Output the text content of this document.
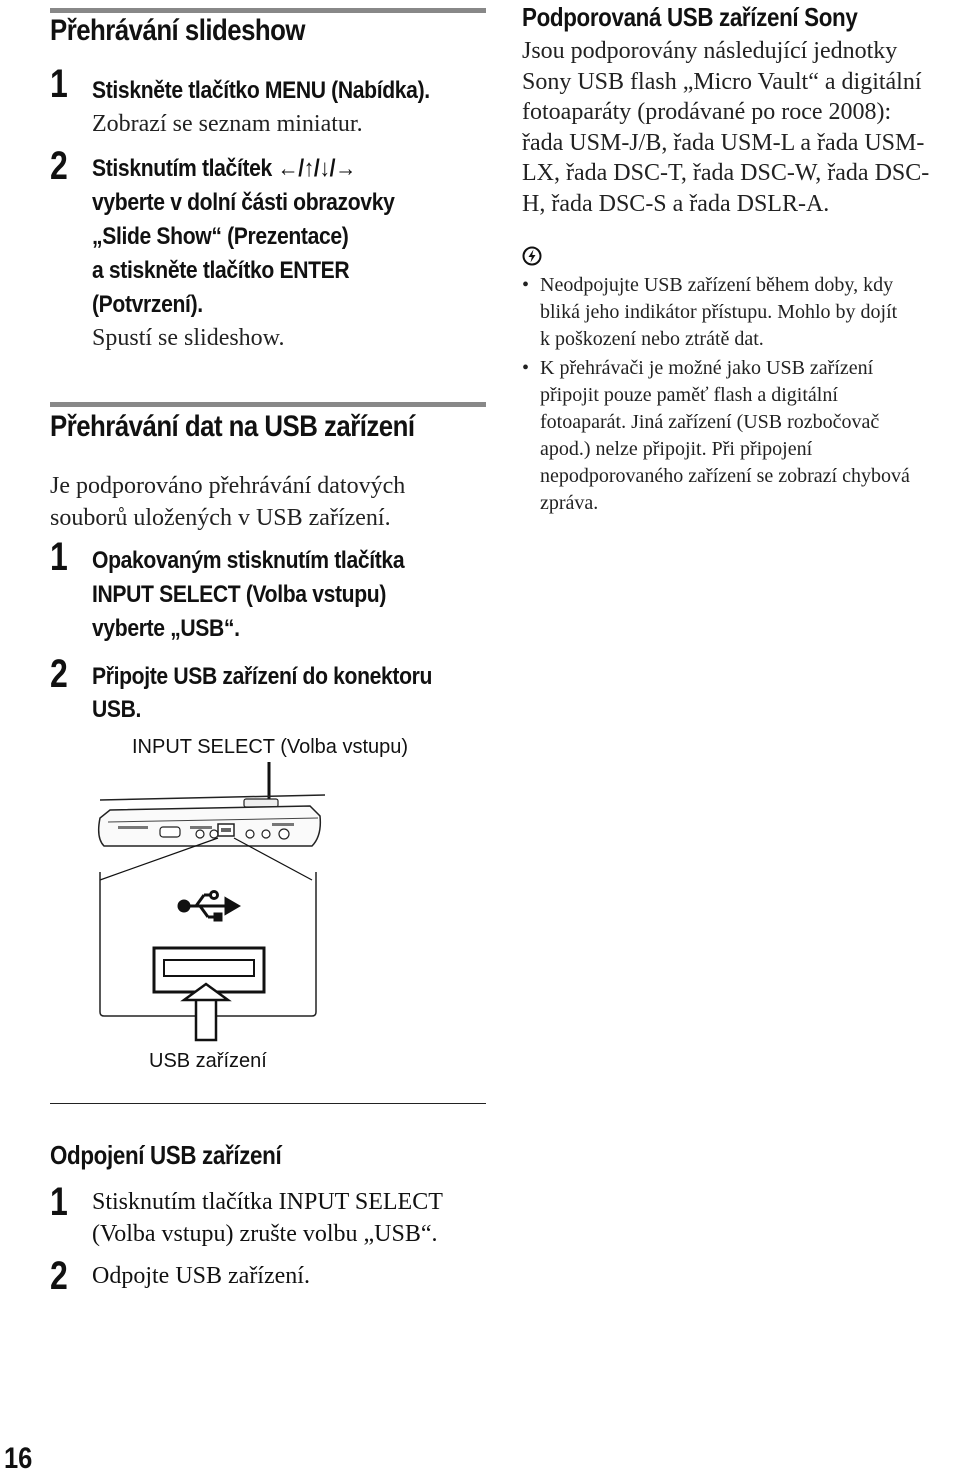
Přehrávání slideshow
1 Stiskněte tlačítko MENU (Nabídka).
Zobrazí se seznam miniatur.
2 Stisknutím tlačítek ←/↑/↓/→
vyberte v dolní části obrazovky
„Slide Show“ (Prezentace)
a stiskněte tlačítko ENTER
(Potvrzení).
Spustí se slideshow.
Přehrávání dat na USB zařízení
Je podporováno přehrávání datových
souborů uložených v USB zařízení.
1 Opakovaným stisknutím tlačítka
INPUT SELECT (Volba vstupu)
vyberte „USB“.
2 Připojte USB zařízení do konektoru
USB.
Odpojení USB zařízení
1 Stisknutím tlačítka INPUT SELECT
(Volba vstupu) zrušte volbu „USB“.
2 Odpojte USB zařízení.
INPUT SELECT (Volba vstupu)
USB zařízení
Podporovaná USB zařízení Sony
Jsou podporovány následující jednotky
Sony USB flash „Micro Vault“ a digitální
fotoaparáty (prodávané po roce 2008):
řada USM-J/B, řada USM-L a řada USM-
LX, řada DSC-T, řada DSC-W, řada DSC-
H, řada DSC-S a řada DSLR-A.
• Neodpojujte USB zařízení během doby, kdy
bliká jeho indikátor přístupu. Mohlo by dojít
k poškození nebo ztrátě dat.
• K přehrávači je možné jako USB zařízení
připojit pouze paměť flash a digitální
fotoaparát. Jiná zařízení (USB rozbočovač
apod.) nelze připojit. Při připojení
nepodporovaného zařízení se zobrazí chybová
zpráva.
16
